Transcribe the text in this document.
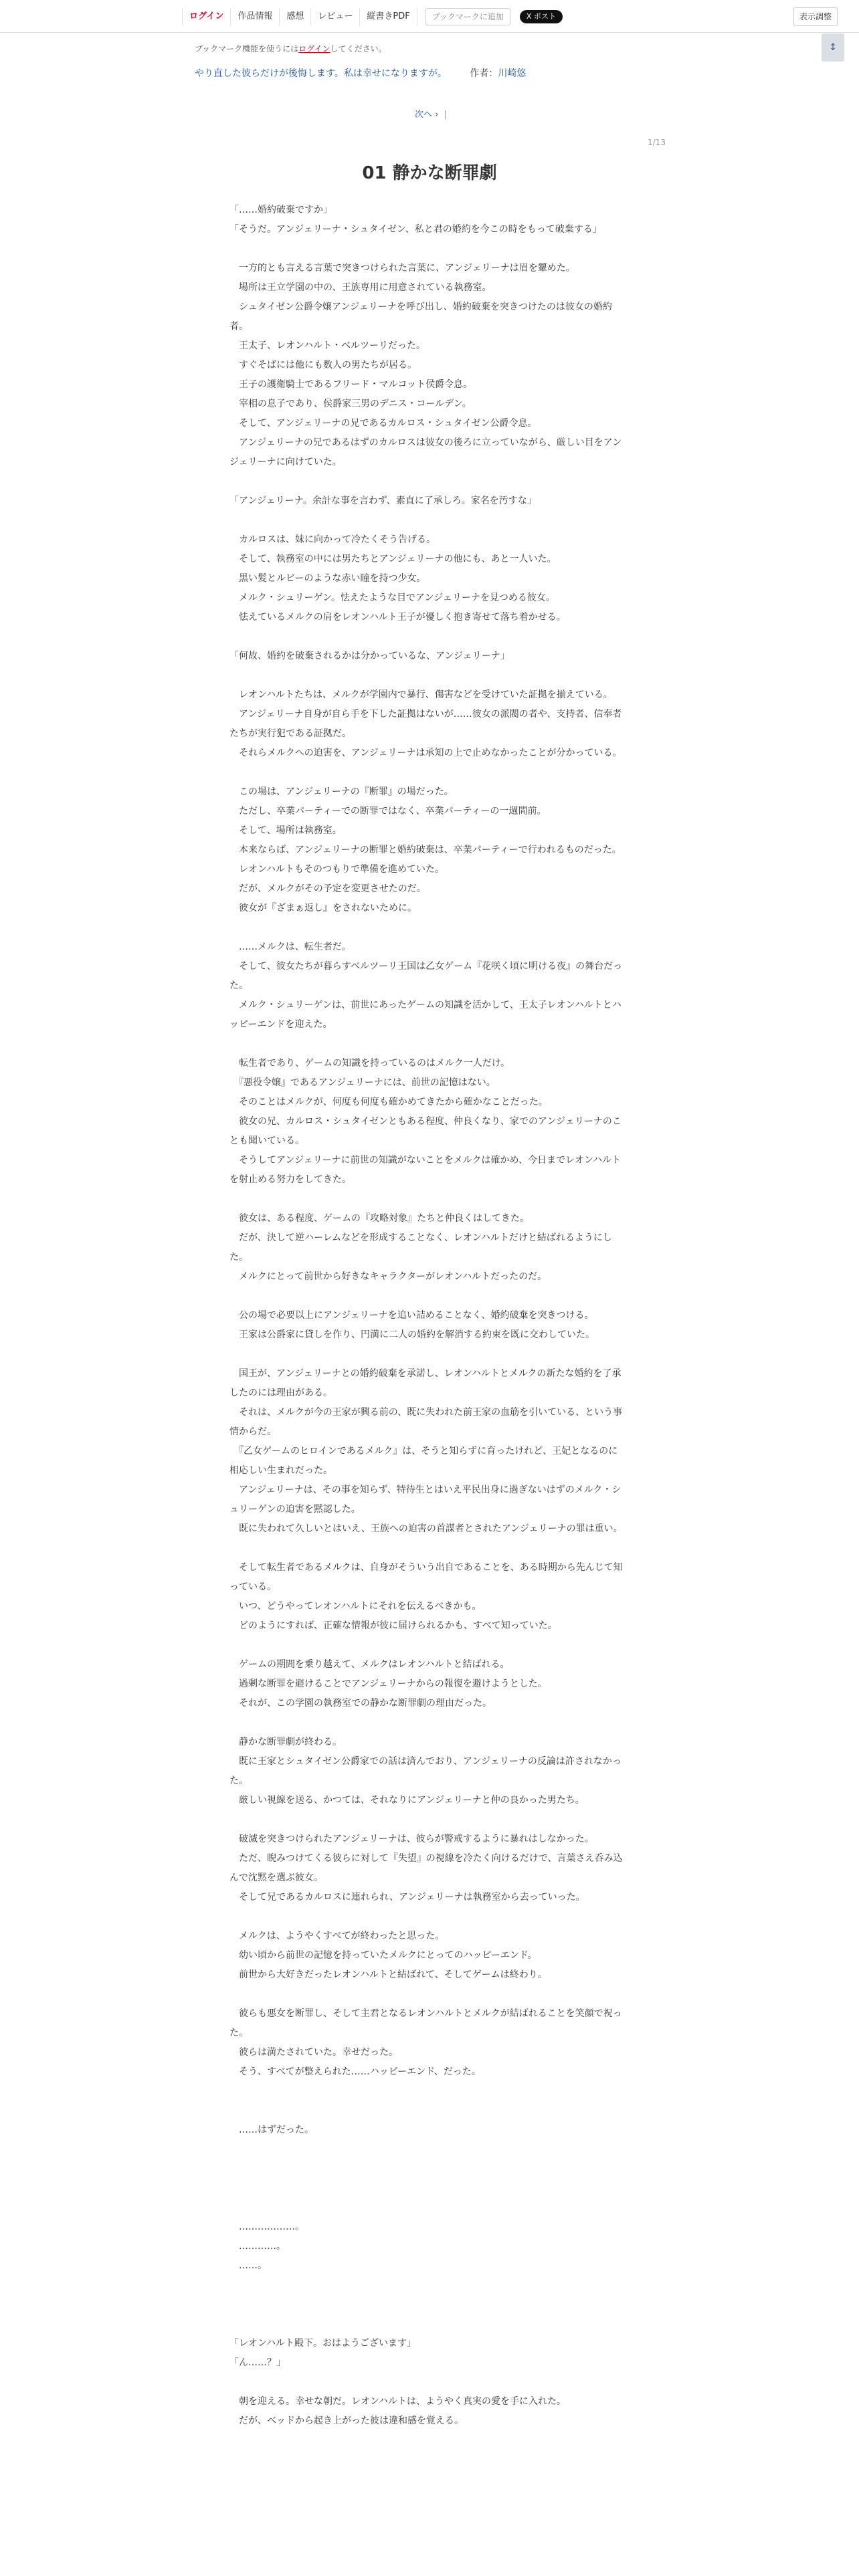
ログイン	作品情報	感想	レビュー	縦書きPDF	ブックマークに追加	X ポスト	表示調整
↕
ブックマーク機能を使うにはログインしてください。
やり直した彼らだけが後悔します。私は幸せになりますが。 作者：川崎悠
次へ › |
1/13
01 静かな断罪劇

「……婚約破棄ですか」

「そうだ。アンジェリーナ・シュタイゼン、私と君の婚約を今この時をもって破棄する」

　一方的とも言える言葉で突きつけられた言葉に、アンジェリーナは眉を顰めた。

　場所は王立学園の中の、王族専用に用意されている執務室。

　シュタイゼン公爵令嬢アンジェリーナを呼び出し、婚約破棄を突きつけたのは彼女の婚約者。

　王太子、レオンハルト・ベルツーリだった。

　すぐそばには他にも数人の男たちが居る。

　王子の護衛騎士であるフリード・マルコット侯爵令息。

　宰相の息子であり、侯爵家三男のデニス・コールデン。

　そして、アンジェリーナの兄であるカルロス・シュタイゼン公爵令息。

　アンジェリーナの兄であるはずのカルロスは彼女の後ろに立っていながら、厳しい目をアンジェリーナに向けていた。

「アンジェリーナ。余計な事を言わず、素直に了承しろ。家名を汚すな」

　カルロスは、妹に向かって冷たくそう告げる。

　そして、執務室の中には男たちとアンジェリーナの他にも、あと一人いた。

　黒い髪とルビーのような赤い瞳を持つ少女。

　メルク・シュリーゲン。怯えたような目でアンジェリーナを見つめる彼女。

　怯えているメルクの肩をレオンハルト王子が優しく抱き寄せて落ち着かせる。

「何故、婚約を破棄されるかは分かっているな、アンジェリーナ」

　レオンハルトたちは、メルクが学園内で暴行、傷害などを受けていた証拠を揃えている。

　アンジェリーナ自身が自ら手を下した証拠はないが……彼女の派閥の者や、支持者、信奉者たちが実行犯である証拠だ。

　それらメルクへの迫害を、アンジェリーナは承知の上で止めなかったことが分かっている。

　この場は、アンジェリーナの『断罪』の場だった。

　ただし、卒業パーティーでの断罪ではなく、卒業パーティーの一週間前。

　そして、場所は執務室。

　本来ならば、アンジェリーナの断罪と婚約破棄は、卒業パーティーで行われるものだった。

　レオンハルトもそのつもりで準備を進めていた。

　だが、メルクがその予定を変更させたのだ。

　彼女が『ざまぁ返し』をされないために。

　……メルクは、転生者だ。

　そして、彼女たちが暮らすベルツーリ王国は乙女ゲーム『花咲く頃に明ける夜』の舞台だった。

　メルク・シュリーゲンは、前世にあったゲームの知識を活かして、王太子レオンハルトとハッピーエンドを迎えた。

　転生者であり、ゲームの知識を持っているのはメルク一人だけ。

　『悪役令嬢』であるアンジェリーナには、前世の記憶はない。

　そのことはメルクが、何度も何度も確かめてきたから確かなことだった。

　彼女の兄、カルロス・シュタイゼンともある程度、仲良くなり、家でのアンジェリーナのことも聞いている。

　そうしてアンジェリーナに前世の知識がないことをメルクは確かめ、今日までレオンハルトを射止める努力をしてきた。

　彼女は、ある程度、ゲームの『攻略対象』たちと仲良くはしてきた。

　だが、決して逆ハーレムなどを形成することなく、レオンハルトだけと結ばれるようにした。

　メルクにとって前世から好きなキャラクターがレオンハルトだったのだ。

　公の場で必要以上にアンジェリーナを追い詰めることなく、婚約破棄を突きつける。

　王家は公爵家に貸しを作り、円満に二人の婚約を解消する約束を既に交わしていた。

　国王が、アンジェリーナとの婚約破棄を承諾し、レオンハルトとメルクの新たな婚約を了承したのには理由がある。

　それは、メルクが今の王家が興る前の、既に失われた前王家の血筋を引いている、という事情からだ。

　『乙女ゲームのヒロインであるメルク』は、そうと知らずに育ったけれど、王妃となるのに相応しい生まれだった。

　アンジェリーナは、その事を知らず、特待生とはいえ平民出身に過ぎないはずのメルク・シュリーゲンの迫害を黙認した。

　既に失われて久しいとはいえ、王族への迫害の首謀者とされたアンジェリーナの罪は重い。

　そして転生者であるメルクは、自身がそういう出自であることを、ある時期から先んじて知っている。

　いつ、どうやってレオンハルトにそれを伝えるべきかも。

　どのようにすれば、正確な情報が彼に届けられるかも、すべて知っていた。

　ゲームの期間を乗り越えて、メルクはレオンハルトと結ばれる。

　過剰な断罪を避けることでアンジェリーナからの報復を避けようとした。

　それが、この学園の執務室での静かな断罪劇の理由だった。

　静かな断罪劇が終わる。

　既に王家とシュタイゼン公爵家での話は済んでおり、アンジェリーナの反論は許されなかった。

　厳しい視線を送る、かつては、それなりにアンジェリーナと仲の良かった男たち。

　破滅を突きつけられたアンジェリーナは、彼らが警戒するように暴れはしなかった。

　ただ、睨みつけてくる彼らに対して『失望』の視線を冷たく向けるだけで、言葉さえ呑み込んで沈黙を選ぶ彼女。

　そして兄であるカルロスに連れられ、アンジェリーナは執務室から去っていった。

　メルクは、ようやくすべてが終わったと思った。

　幼い頃から前世の記憶を持っていたメルクにとってのハッピーエンド。

　前世から大好きだったレオンハルトと結ばれて、そしてゲームは終わり。

　彼らも悪女を断罪し、そして主君となるレオンハルトとメルクが結ばれることを笑顔で祝った。

　彼らは満たされていた。幸せだった。

　そう、すべてが整えられた……ハッピーエンド、だった。

　……はずだった。

　………………。

　…………。

　……。

「レオンハルト殿下。おはようございます」

「ん……？」

　朝を迎える。幸せな朝だ。レオンハルトは、ようやく真実の愛を手に入れた。

　だが、ベッドから起き上がった彼は違和感を覚える。
